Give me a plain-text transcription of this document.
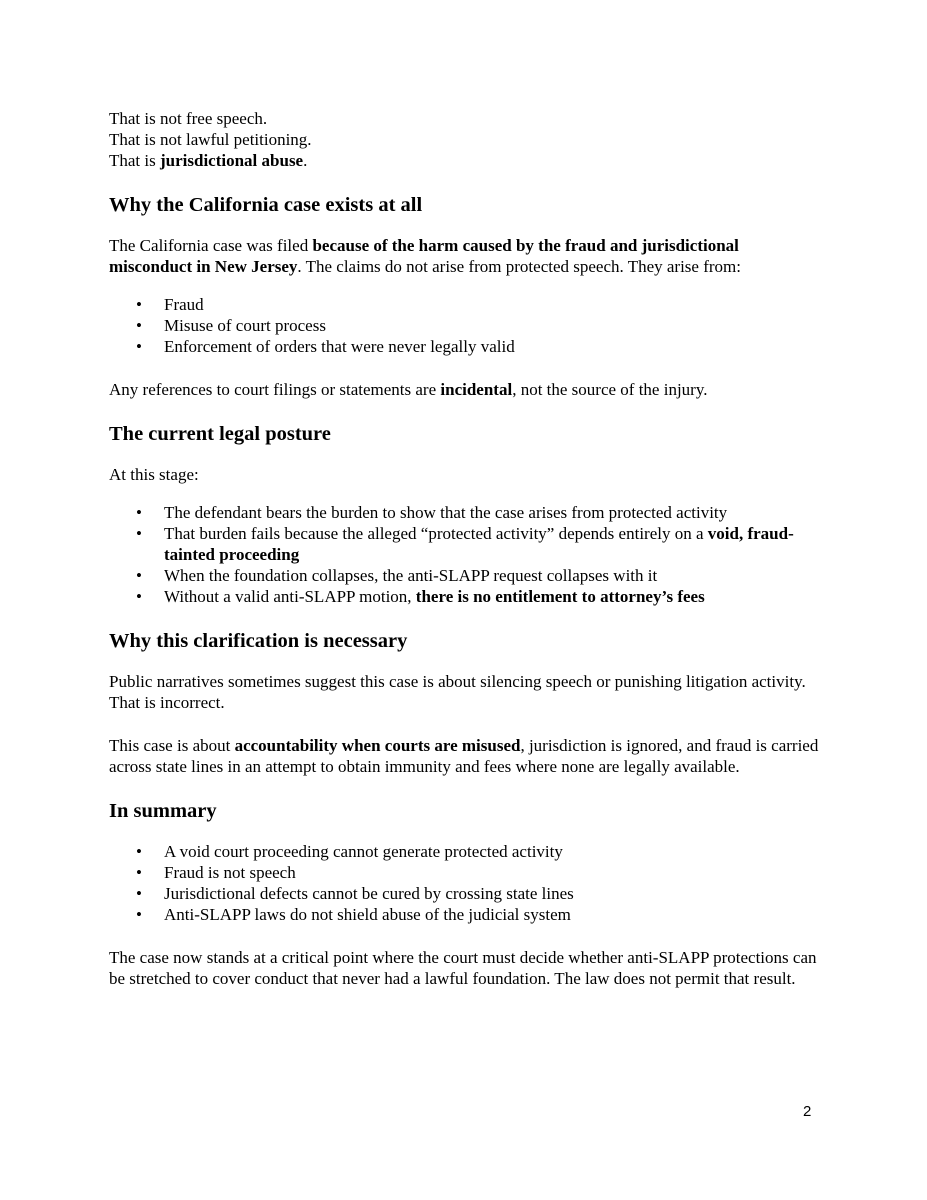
That is not free speech.
That is not lawful petitioning.
That is jurisdictional abuse.
Why the California case exists at all

The California case was filed because of the harm caused by the fraud and jurisdictional misconduct in New Jersey. The claims do not arise from protected speech. They arise from:

• Fraud
• Misuse of court process
• Enforcement of orders that were never legally valid

Any references to court filings or statements are incidental, not the source of the injury.

The current legal posture

At this stage:

• The defendant bears the burden to show that the case arises from protected activity
• That burden fails because the alleged “protected activity” depends entirely on a void, fraud-tainted proceeding
• When the foundation collapses, the anti-SLAPP request collapses with it
• Without a valid anti-SLAPP motion, there is no entitlement to attorney’s fees
Why this clarification is necessary

Public narratives sometimes suggest this case is about silencing speech or punishing litigation activity. That is incorrect.

This case is about accountability when courts are misused, jurisdiction is ignored, and fraud is carried across state lines in an attempt to obtain immunity and fees where none are legally available.

In summary
• A void court proceeding cannot generate protected activity
• Fraud is not speech
• Jurisdictional defects cannot be cured by crossing state lines
• Anti-SLAPP laws do not shield abuse of the judicial system

The case now stands at a critical point where the court must decide whether anti-SLAPP protections can be stretched to cover conduct that never had a lawful foundation. The law does not permit that result.

2
